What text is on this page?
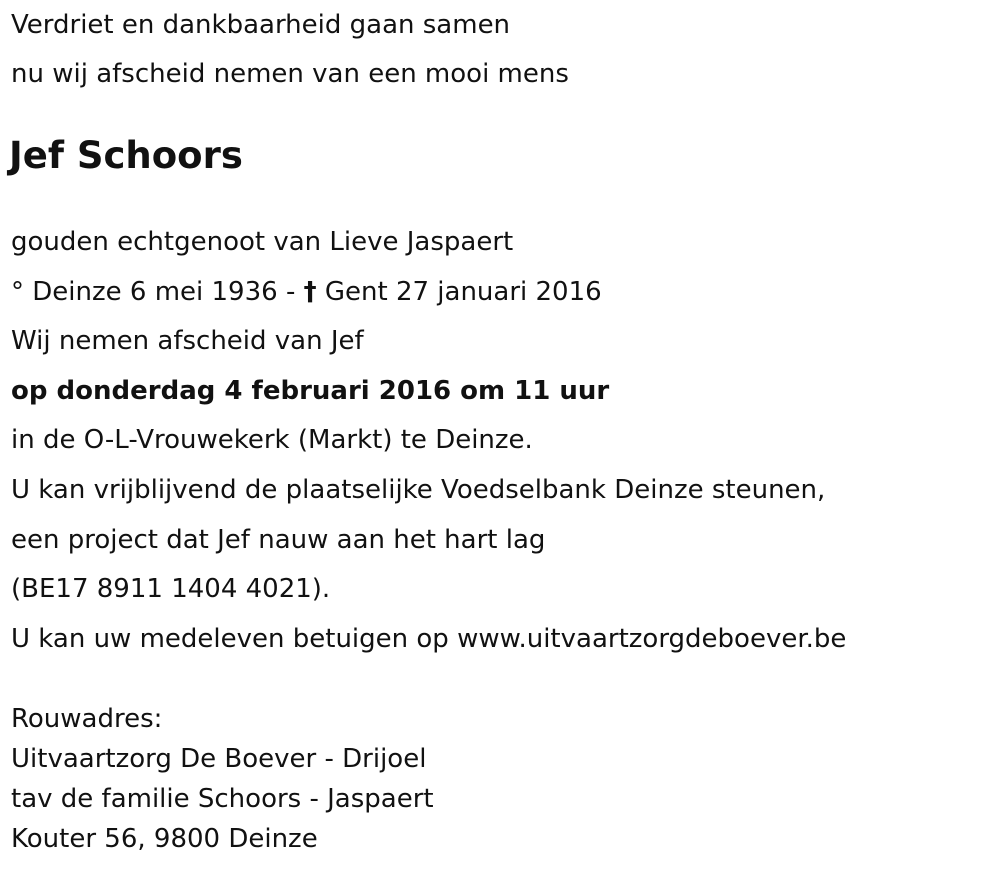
Verdriet en dankbaarheid gaan samen
nu wij afscheid nemen van een mooi mens
Jef Schoors
gouden echtgenoot van Lieve Jaspaert
° Deinze 6 mei 1936 - † Gent 27 januari 2016
Wij nemen afscheid van Jef
op donderdag 4 februari 2016 om 11 uur
in de O-L-Vrouwekerk (Markt) te Deinze.
U kan vrijblijvend de plaatselijke Voedselbank Deinze steunen,
een project dat Jef nauw aan het hart lag
(BE17 8911 1404 4021).
U kan uw medeleven betuigen op www.uitvaartzorgdeboever.be
Rouwadres:
Uitvaartzorg De Boever - Drijoel
tav de familie Schoors - Jaspaert
Kouter 56, 9800 Deinze
